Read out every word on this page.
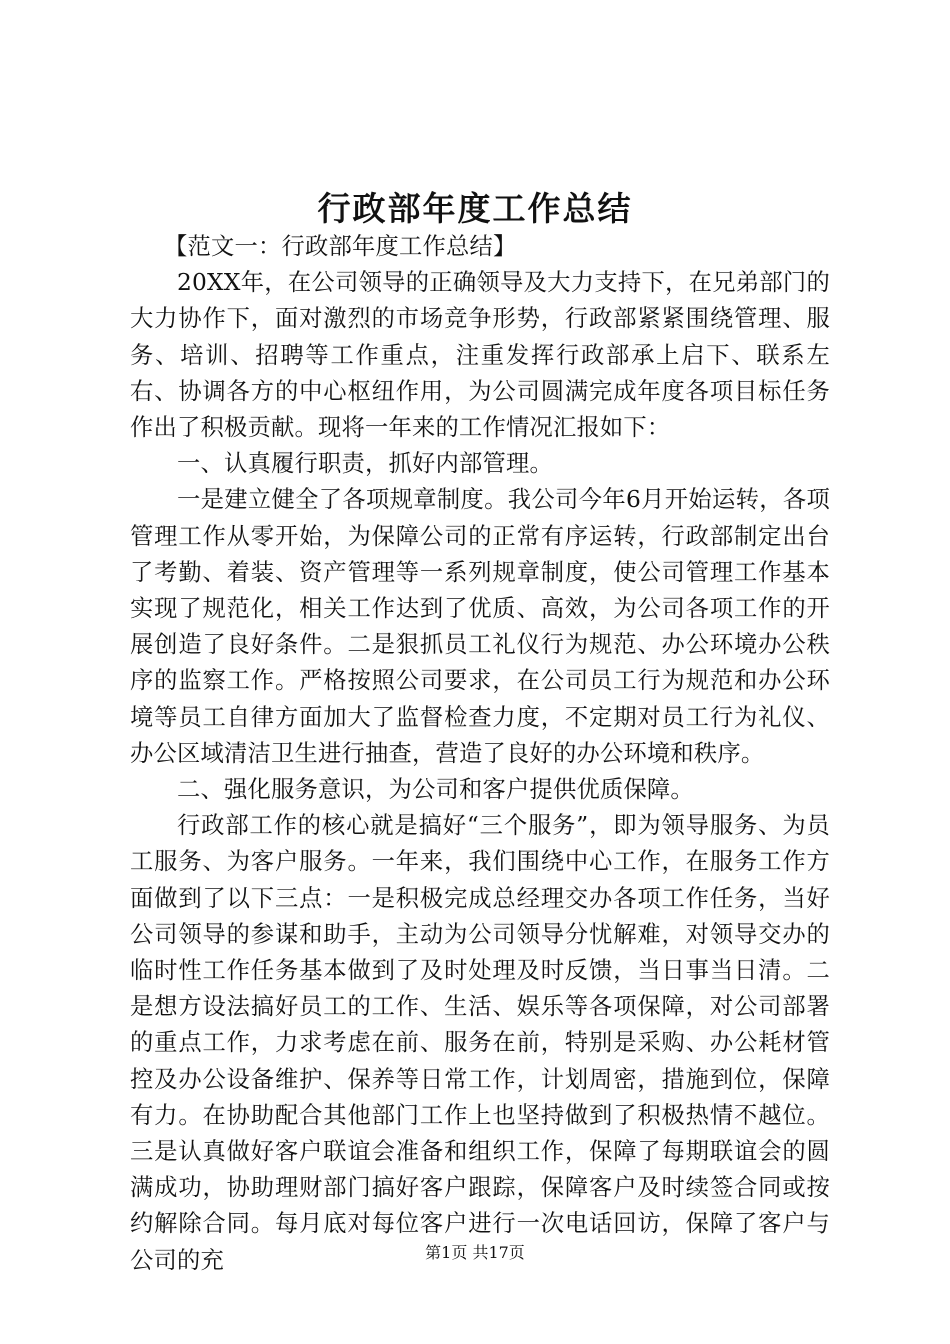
行政部年度工作总结

【范文一：行政部年度工作总结】

20XX年，在公司领导的正确领导及大力支持下，在兄弟部门的大力协作下，面对激烈的市场竞争形势，行政部紧紧围绕管理、服务、培训、招聘等工作重点，注重发挥行政部承上启下、联系左右、协调各方的中心枢纽作用，为公司圆满完成年度各项目标任务作出了积极贡献。现将一年来的工作情况汇报如下：

一、认真履行职责，抓好内部管理。

一是建立健全了各项规章制度。我公司今年6月开始运转，各项管理工作从零开始，为保障公司的正常有序运转，行政部制定出台了考勤、着装、资产管理等一系列规章制度，使公司管理工作基本实现了规范化，相关工作达到了优质、高效，为公司各项工作的开展创造了良好条件。二是狠抓员工礼仪行为规范、办公环境办公秩序的监察工作。严格按照公司要求，在公司员工行为规范和办公环境等员工自律方面加大了监督检查力度，不定期对员工行为礼仪、办公区域清洁卫生进行抽查，营造了良好的办公环境和秩序。

二、强化服务意识，为公司和客户提供优质保障。

行政部工作的核心就是搞好“三个服务”，即为领导服务、为员工服务、为客户服务。一年来，我们围绕中心工作，在服务工作方面做到了以下三点：一是积极完成总经理交办各项工作任务，当好公司领导的参谋和助手，主动为公司领导分忧解难，对领导交办的临时性工作任务基本做到了及时处理及时反馈，当日事当日清。二是想方设法搞好员工的工作、生活、娱乐等各项保障，对公司部署的重点工作，力求考虑在前、服务在前，特别是采购、办公耗材管控及办公设备维护、保养等日常工作，计划周密，措施到位，保障有力。在协助配合其他部门工作上也坚持做到了积极热情不越位。三是认真做好客户联谊会准备和组织工作，保障了每期联谊会的圆满成功，协助理财部门搞好客户跟踪，保障客户及时续签合同或按约解除合同。每月底对每位客户进行一次电话回访，保障了客户与公司的充	第1页 共17页
